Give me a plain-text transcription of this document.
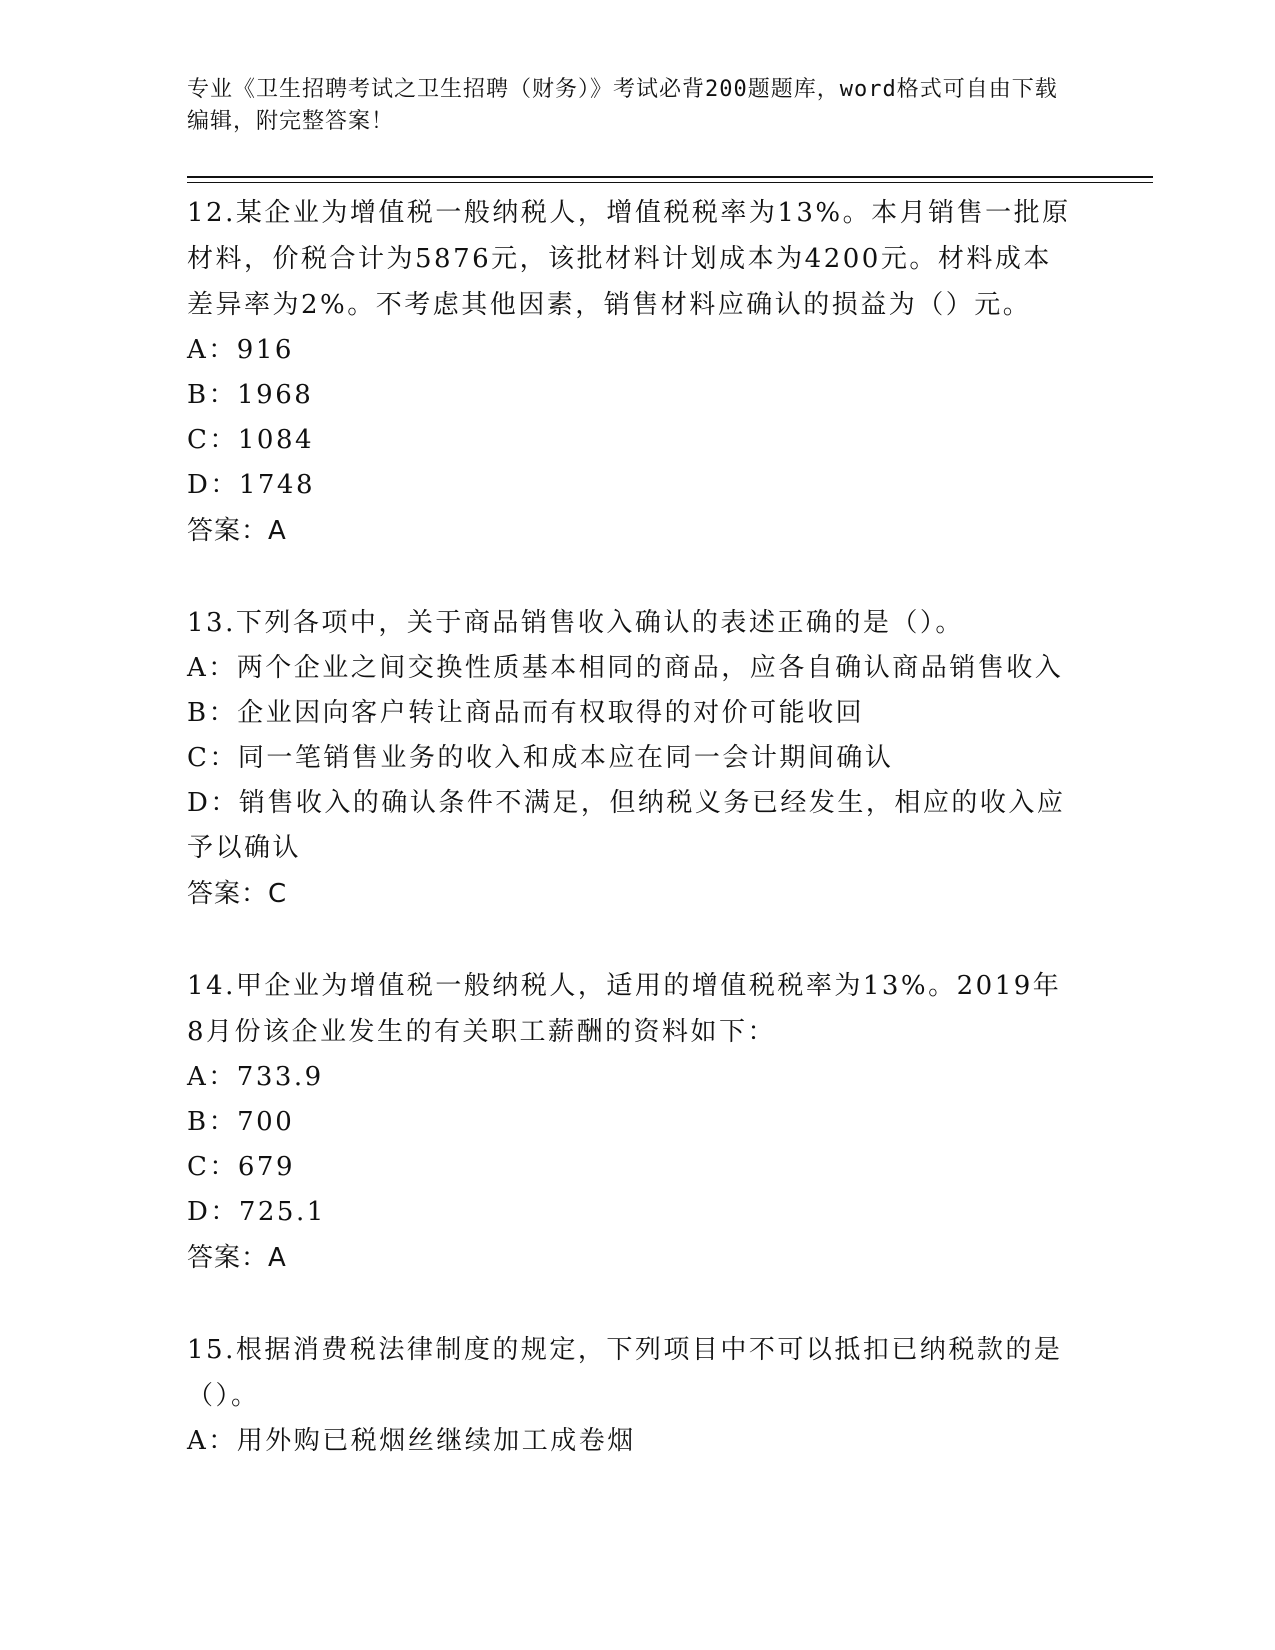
专业《卫生招聘考试之卫生招聘（财务）》考试必背200题题库，word格式可自由下载编辑，附完整答案！

12.某企业为增值税一般纳税人，增值税税率为13%。本月销售一批原材料，价税合计为5876元，该批材料计划成本为4200元。材料成本差异率为2%。不考虑其他因素，销售材料应确认的损益为（）元。

A：916

B：1968

C：1084

D：1748

答案：A

13.下列各项中，关于商品销售收入确认的表述正确的是（）。

A：两个企业之间交换性质基本相同的商品，应各自确认商品销售收入

B：企业因向客户转让商品而有权取得的对价可能收回

C：同一笔销售业务的收入和成本应在同一会计期间确认

D：销售收入的确认条件不满足，但纳税义务已经发生，相应的收入应予以确认

答案：C

14.甲企业为增值税一般纳税人，适用的增值税税率为13%。2019年8月份该企业发生的有关职工薪酬的资料如下：

A：733.9

B：700

C：679

D：725.1

答案：A

15.根据消费税法律制度的规定，下列项目中不可以抵扣已纳税款的是（）。

A：用外购已税烟丝继续加工成卷烟
